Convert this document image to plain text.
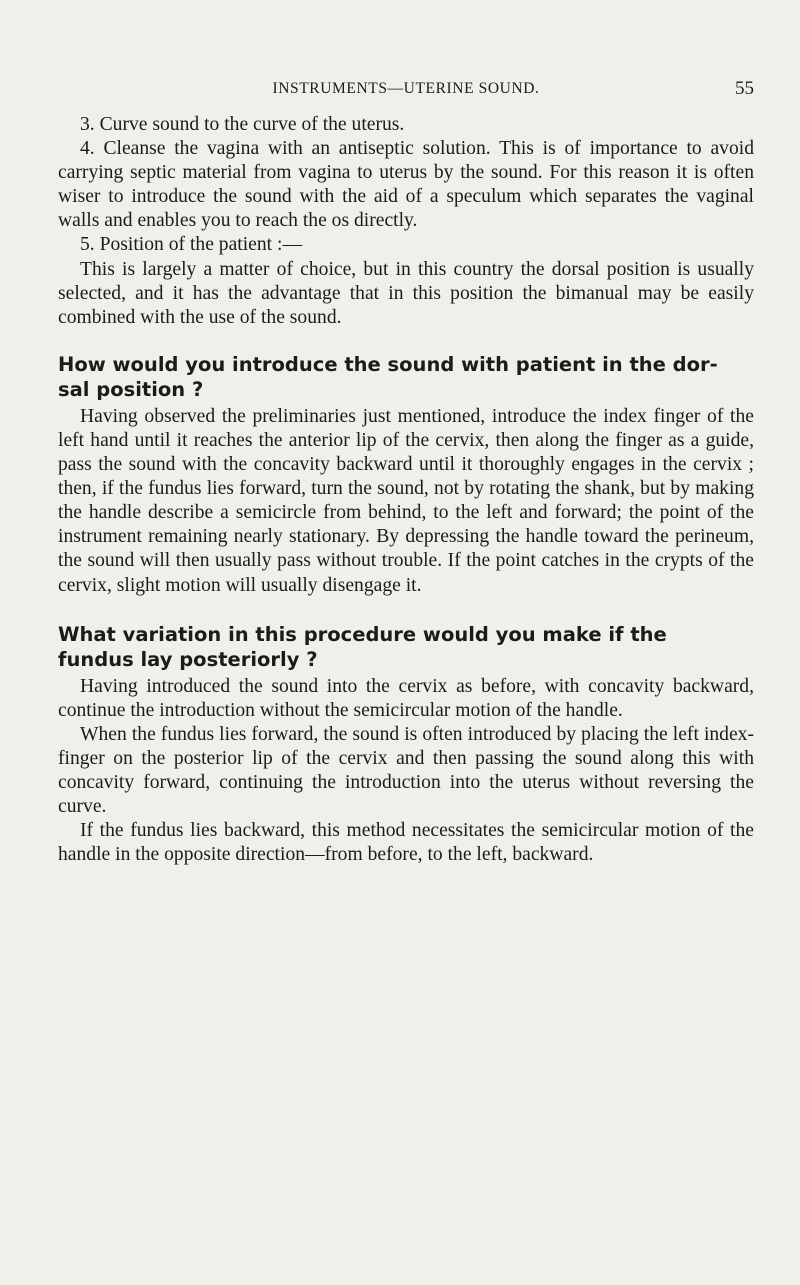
INSTRUMENTS—UTERINE SOUND.	55

3. Curve sound to the curve of the uterus.

4. Cleanse the vagina with an antiseptic solution. This is of importance to avoid carrying septic material from vagina to uterus by the sound. For this reason it is often wiser to introduce the sound with the aid of a speculum which separates the vaginal walls and enables you to reach the os directly.

5. Position of the patient :—

This is largely a matter of choice, but in this country the dorsal position is usually selected, and it has the advantage that in this position the bimanual may be easily combined with the use of the sound.

How would you introduce the sound with patient in the dor-
sal position ?

Having observed the preliminaries just mentioned, introduce the index finger of the left hand until it reaches the anterior lip of the cervix, then along the finger as a guide, pass the sound with the concavity backward until it thoroughly engages in the cervix ; then, if the fundus lies forward, turn the sound, not by rotating the shank, but by making the handle describe a semicircle from behind, to the left and forward; the point of the instrument remaining nearly stationary. By depressing the handle toward the perineum, the sound will then usually pass without trouble. If the point catches in the crypts of the cervix, slight motion will usually disengage it.

What variation in this procedure would you make if the
fundus lay posteriorly ?

Having introduced the sound into the cervix as before, with concavity backward, continue the introduction without the semicircular motion of the handle.

When the fundus lies forward, the sound is often introduced by placing the left index-finger on the posterior lip of the cervix and then passing the sound along this with concavity forward, continuing the introduction into the uterus without reversing the curve.

If the fundus lies backward, this method necessitates the semicircular motion of the handle in the opposite direction—from before, to the left, backward.
